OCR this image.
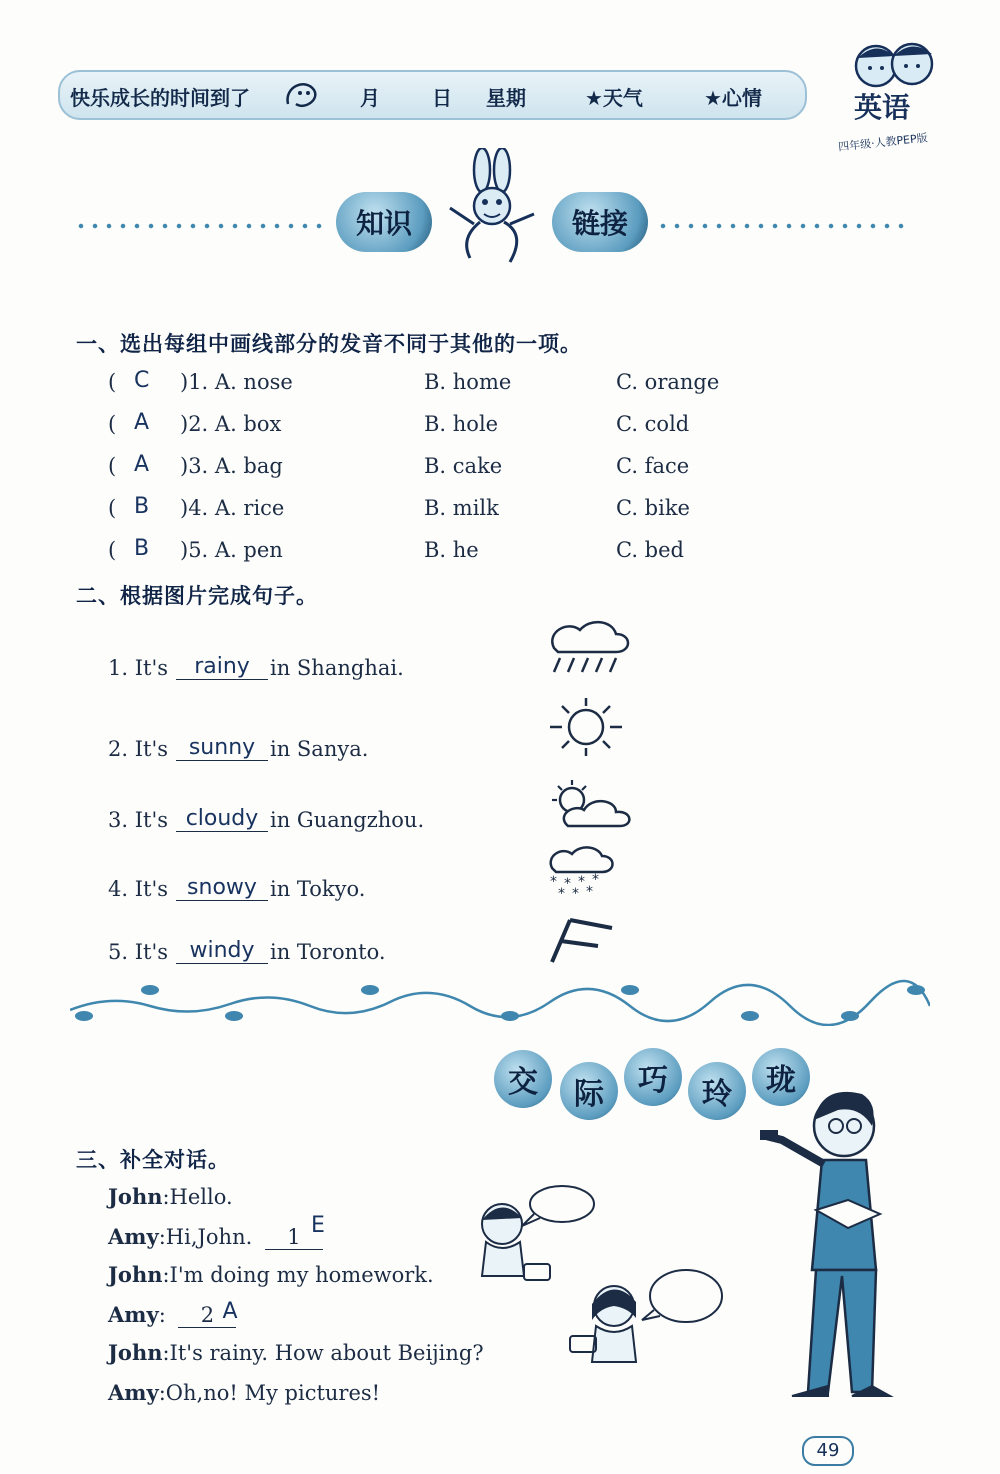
快乐成长的时间到了	月	日 星期	★天气	★心情	英语
四年级·人教PEP版
知识	链接
一、选出每组中画线部分的发音不同于其他的一项。
( C )1. A. nose	B. home	C. orange
( A )2. A. box	B. hole	C. cold
( A )3. A. bag	B. cake	C. face
( B )4. A. rice	B. milk	C. bike
( B )5. A. pen	B. he	C. bed
二、根据图片完成句子。
1. It's	rainy in Shanghai.
2. It's sunny in Sanya.
3. It's cloudy in Guangzhou.
4. It's snowy in Tokyo.
5. It's windy in Toronto.
* * * *
* * *
交	际	巧	玲	珑
三、补全对话。
John:Hello.
Amy:Hi,John. 1 E
John:I'm doing my homework.
Amy: 2 A
John:It's rainy. How about Beijing?
Amy:Oh,no! My pictures!
49
